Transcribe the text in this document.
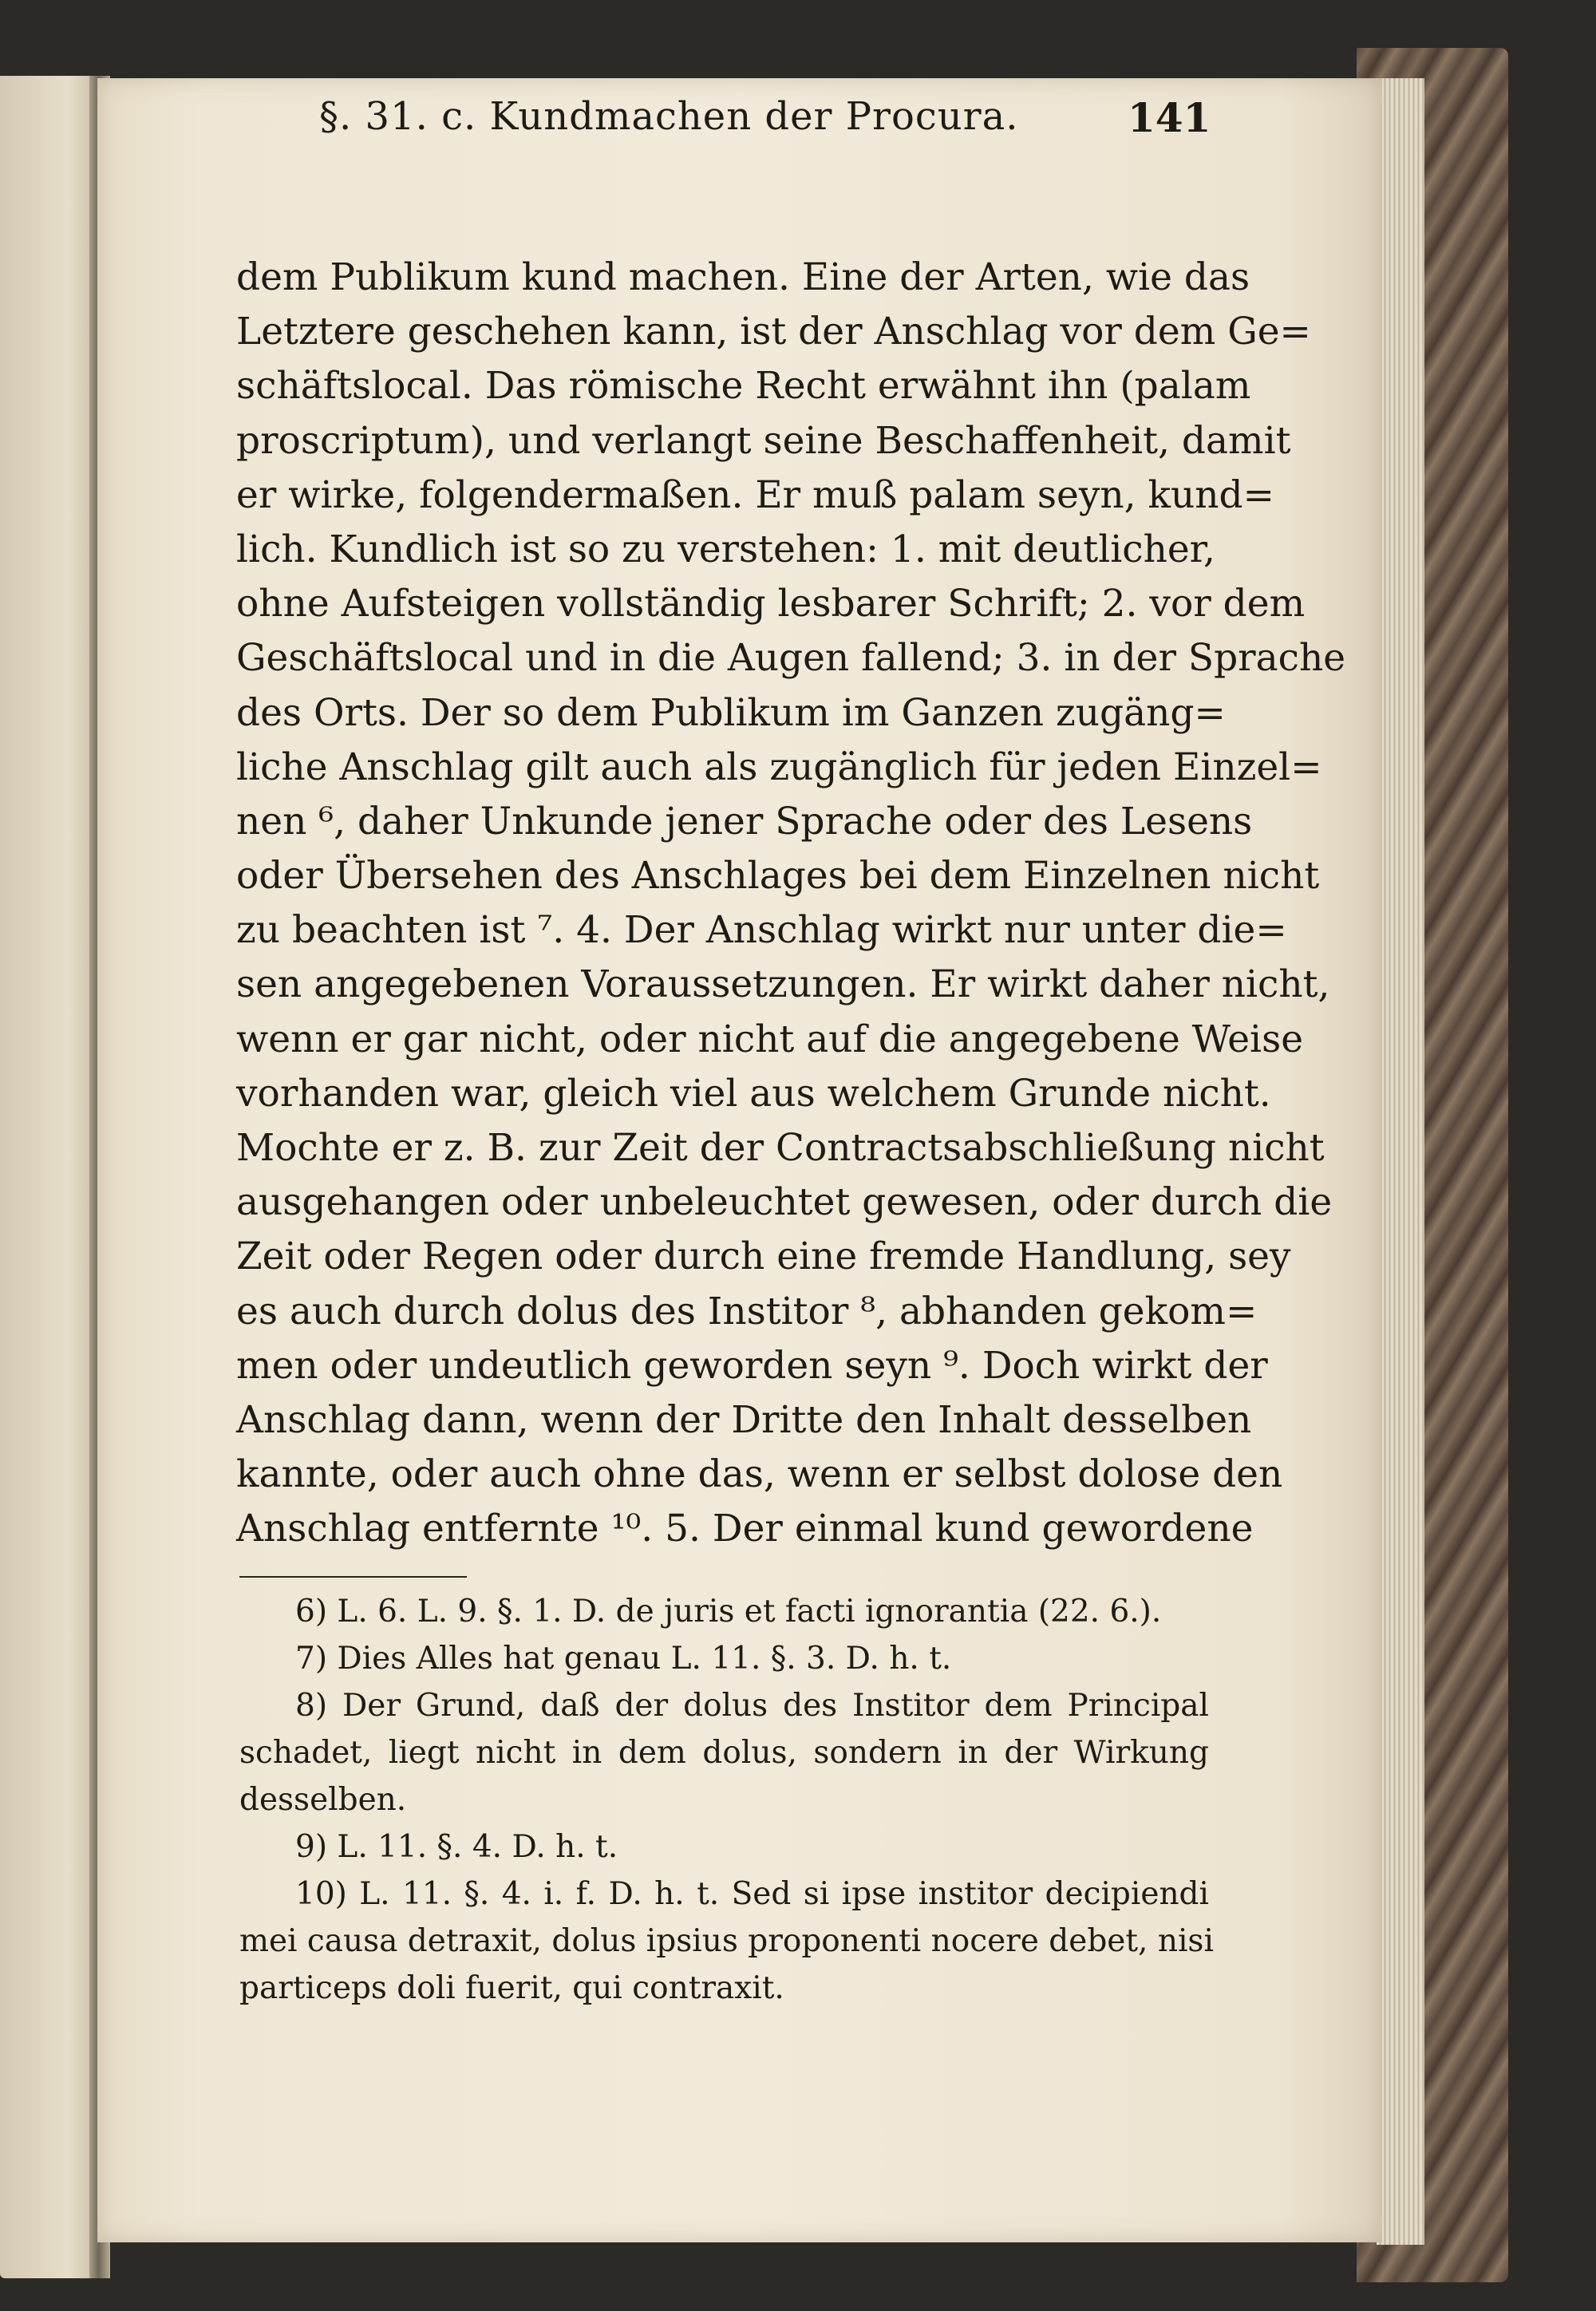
§. 31. c. Kundmachen der Procura.	141
dem Publikum kund machen. Eine der Arten, wie das
Letztere geschehen kann, ist der Anschlag vor dem Ge=
schäftslocal. Das römische Recht erwähnt ihn (palam
proscriptum), und verlangt seine Beschaffenheit, damit
er wirke, folgendermaßen. Er muß palam seyn, kund=
lich. Kundlich ist so zu verstehen: 1. mit deutlicher,
ohne Aufsteigen vollständig lesbarer Schrift; 2. vor dem
Geschäftslocal und in die Augen fallend; 3. in der Sprache
des Orts. Der so dem Publikum im Ganzen zugäng=
liche Anschlag gilt auch als zugänglich für jeden Einzel=
nen ⁶, daher Unkunde jener Sprache oder des Lesens
oder Übersehen des Anschlages bei dem Einzelnen nicht
zu beachten ist ⁷. 4. Der Anschlag wirkt nur unter die=
sen angegebenen Voraussetzungen. Er wirkt daher nicht,
wenn er gar nicht, oder nicht auf die angegebene Weise
vorhanden war, gleich viel aus welchem Grunde nicht.
Mochte er z. B. zur Zeit der Contractsabschließung nicht
ausgehangen oder unbeleuchtet gewesen, oder durch die
Zeit oder Regen oder durch eine fremde Handlung, sey
es auch durch dolus des Institor ⁸, abhanden gekom=
men oder undeutlich geworden seyn ⁹. Doch wirkt der
Anschlag dann, wenn der Dritte den Inhalt desselben
kannte, oder auch ohne das, wenn er selbst dolose den
Anschlag entfernte ¹⁰. 5. Der einmal kund gewordene
6) L. 6. L. 9. §. 1. D. de juris et facti ignorantia (22. 6.).
7) Dies Alles hat genau L. 11. §. 3. D. h. t.
8) Der Grund, daß der dolus des Institor dem Principal
schadet, liegt nicht in dem dolus, sondern in der Wirkung
desselben.
9) L. 11. §. 4. D. h. t.
10) L. 11. §. 4. i. f. D. h. t. Sed si ipse institor decipiendi
mei causa detraxit, dolus ipsius proponenti nocere debet, nisi
particeps doli fuerit, qui contraxit.
